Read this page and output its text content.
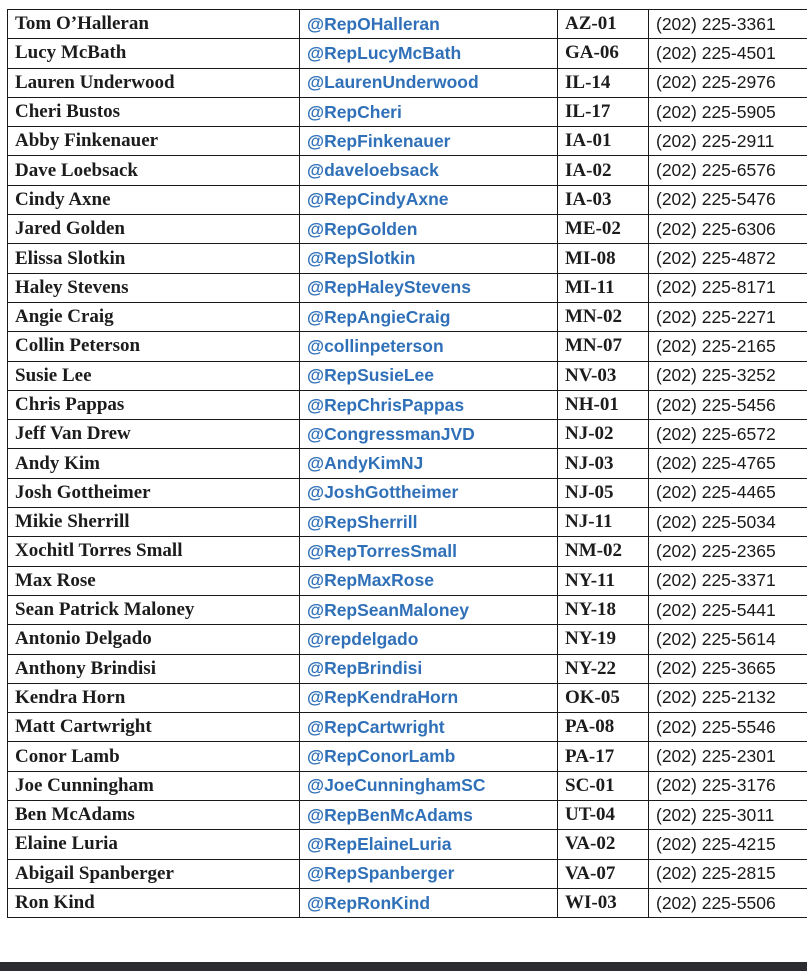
Tom O’Halleran	@RepOHalleran	AZ-01	(202) 225-3361
Lucy McBath	@RepLucyMcBath	GA-06	(202) 225-4501
Lauren Underwood	@LaurenUnderwood	IL-14	(202) 225-2976
Cheri Bustos	@RepCheri	IL-17	(202) 225-5905
Abby Finkenauer	@RepFinkenauer	IA-01	(202) 225-2911
Dave Loebsack	@daveloebsack	IA-02	(202) 225-6576
Cindy Axne	@RepCindyAxne	IA-03	(202) 225-5476
Jared Golden	@RepGolden	ME-02	(202) 225-6306
Elissa Slotkin	@RepSlotkin	MI-08	(202) 225-4872
Haley Stevens	@RepHaleyStevens	MI-11	(202) 225-8171
Angie Craig	@RepAngieCraig	MN-02	(202) 225-2271
Collin Peterson	@collinpeterson	MN-07	(202) 225-2165
Susie Lee	@RepSusieLee	NV-03	(202) 225-3252
Chris Pappas	@RepChrisPappas	NH-01	(202) 225-5456
Jeff Van Drew	@CongressmanJVD	NJ-02	(202) 225-6572
Andy Kim	@AndyKimNJ	NJ-03	(202) 225-4765
Josh Gottheimer	@JoshGottheimer	NJ-05	(202) 225-4465
Mikie Sherrill	@RepSherrill	NJ-11	(202) 225-5034
Xochitl Torres Small	@RepTorresSmall	NM-02	(202) 225-2365
Max Rose	@RepMaxRose	NY-11	(202) 225-3371
Sean Patrick Maloney	@RepSeanMaloney	NY-18	(202) 225-5441
Antonio Delgado	@repdelgado	NY-19	(202) 225-5614
Anthony Brindisi	@RepBrindisi	NY-22	(202) 225-3665
Kendra Horn	@RepKendraHorn	OK-05	(202) 225-2132
Matt Cartwright	@RepCartwright	PA-08	(202) 225-5546
Conor Lamb	@RepConorLamb	PA-17	(202) 225-2301
Joe Cunningham	@JoeCunninghamSC	SC-01	(202) 225-3176
Ben McAdams	@RepBenMcAdams	UT-04	(202) 225-3011
Elaine Luria	@RepElaineLuria	VA-02	(202) 225-4215
Abigail Spanberger	@RepSpanberger	VA-07	(202) 225-2815
Ron Kind	@RepRonKind	WI-03	(202) 225-5506
